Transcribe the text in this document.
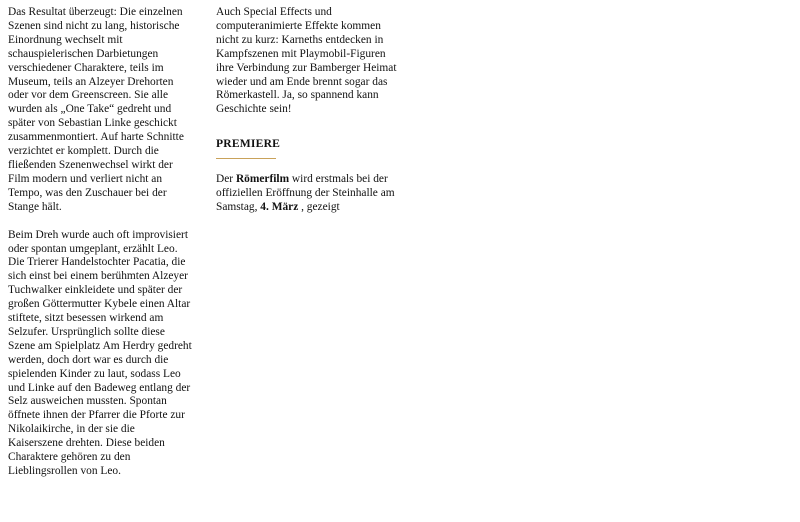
Das Resultat überzeugt: Die einzelnen Szenen sind nicht zu lang, historische Einordnung wechselt mit schauspielerischen Darbietungen verschiedener Charaktere, teils im Museum, teils an Alzeyer Drehorten oder vor dem Greenscreen. Sie alle wurden als „One Take“ gedreht und später von Sebastian Linke geschickt zusammenmontiert. Auf harte Schnitte verzichtet er komplett. Durch die fließenden Szenenwechsel wirkt der Film modern und verliert nicht an Tempo, was den Zuschauer bei der Stange hält.

Beim Dreh wurde auch oft improvisiert oder spontan umgeplant, erzählt Leo. Die Trierer Handelstochter Pacatia, die sich einst bei einem berühmten Alzeyer Tuchwalker einkleidete und später der großen Göttermutter Kybele einen Altar stiftete, sitzt besessen wirkend am Selzufer. Ursprünglich sollte diese Szene am Spielplatz Am Herdry gedreht werden, doch dort war es durch die spielenden Kinder zu laut, sodass Leo und Linke auf den Badeweg entlang der Selz ausweichen mussten. Spontan öffnete ihnen der Pfarrer die Pforte zur Nikolaikirche, in der sie die Kaiserszene drehten. Diese beiden Charaktere gehören zu den Lieblingsrollen von Leo.

Auch Special Effects und computeranimierte Effekte kommen nicht zu kurz: Karneths entdecken in Kampfszenen mit Playmobil-Figuren ihre Verbindung zur Bamberger Heimat wieder und am Ende brennt sogar das Römerkastell. Ja, so spannend kann Geschichte sein!

PREMIERE

Der Römerfilm wird erstmals bei der offiziellen Eröffnung der Steinhalle am Samstag, 4. März , gezeigt
